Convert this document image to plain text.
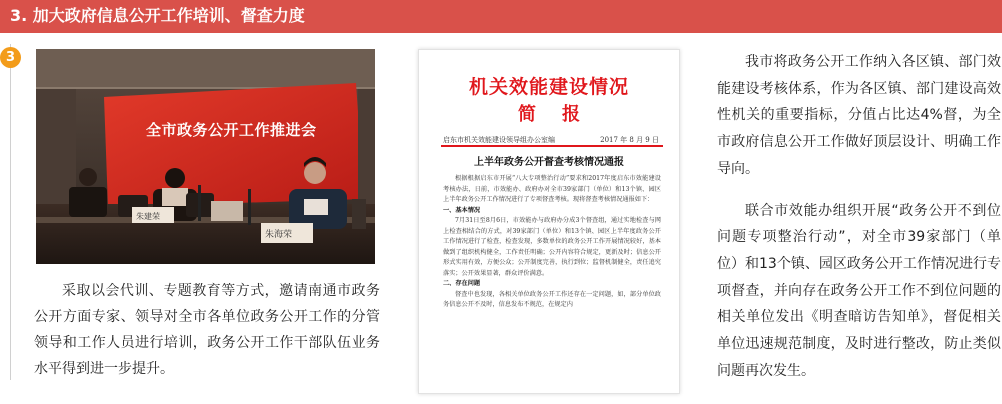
3. 加大政府信息公开工作培训、督查力度
3
朱海荣
朱建荣
全市政务公开工作推进会
采取以会代训、专题教育等方式，邀请南通市政务公开方面专家、领导对全市各单位政务公开工作的分管领导和工作人员进行培训，政务公开工作干部队伍业务水平得到进一步提升。
机关效能建设情况
简报
启东市机关效能建设领导组办公室编	2017 年 8 月 9 日
上半年政务公开督查考核情况通报

根据根据启东市开展“八大专项整治行动”要求和2017年度启东市效能建设考核办法，日前，市效能办、政府办对全市39家部门（单位）和13个镇、园区上半年政务公开工作情况进行了专项督查考核。现将督查考核情况通报如下：

一、基本情况

7月31日至8月6日，市效能办与政府办分成3个督查组，通过实地检查与网上检查相结合的方式，对39家部门（单位）和13个镇、园区上半年度政务公开工作情况进行了检查，检查发现，多数单位的政务公开工作开展情况较好，基本做到了组织机构健全，工作责任明确；公开内容符合规定，更新及时；信息公开形式实用有效，方便公众；公开制度完善，执行到位；监督机制健全，责任追究落实；公开效果显著，群众评价满意。

二、存在问题

督查中也发现，各相关单位政务公开工作还存在一定问题，如，部分单位政务信息公开不及时，信息发布不规范，在规定内

我市将政务公开工作纳入各区镇、部门效能建设考核体系，作为各区镇、部门建设高效性机关的重要指标，分值占比达4%督，为全市政府信息公开工作做好顶层设计、明确工作导向。

联合市效能办组织开展“政务公开不到位问题专项整治行动”，对全市39家部门（单位）和13个镇、园区政务公开工作情况进行专项督查，并向存在政务公开工作不到位问题的相关单位发出《明查暗访告知单》，督促相关单位迅速规范制度，及时进行整改，防止类似问题再次发生。
